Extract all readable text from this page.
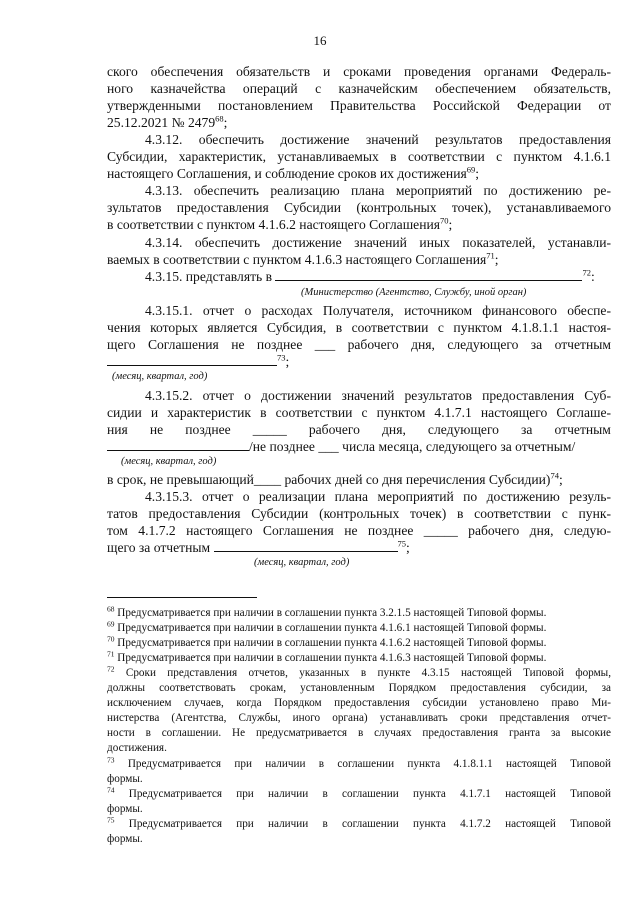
16
ского обеспечения обязательств и сроками проведения органами Федераль-
ного казначейства операций с казначейским обеспечением обязательств,
утвержденными постановлением Правительства Российской Федерации от
25.12.2021 № 2479$^{68}$;
4.3.12. обеспечить достижение значений результатов предоставления
Субсидии, характеристик, устанавливаемых в соответствии с пунктом 4.1.6.1
настоящего Соглашения, и соблюдение сроков их достижения$^{69}$;
4.3.13. обеспечить реализацию плана мероприятий по достижению ре-
зультатов предоставления Субсидии (контрольных точек), устанавливаемого
в соответствии с пунктом 4.1.6.2 настоящего Соглашения$^{70}$;
4.3.14. обеспечить достижение значений иных показателей, устанавли-
ваемых в соответствии с пунктом 4.1.6.3 настоящего Соглашения$^{71}$;
4.3.15. представлять в	$^{72}$:
(Министерство (Агентство, Службу, иной орган)
4.3.15.1. отчет о расходах Получателя, источником финансового обеспе-
чения которых является Субсидия, в соответствии с пунктом 4.1.8.1.1 настоя-
щего Соглашения не позднее ___ рабочего дня, следующего за отчетным
$^{73}$;
(месяц, квартал, год)
4.3.15.2. отчет о достижении значений результатов предоставления Суб-
сидии и характеристик в соответствии с пунктом 4.1.7.1 настоящего Соглаше-
ния не позднее _____ рабочего дня, следующего за отчетным
/не позднее ___ числа месяца, следующего за отчетным/
(месяц, квартал, год)
в срок, не превышающий____ рабочих дней со дня перечисления Субсидии)$^{74}$;
4.3.15.3. отчет о реализации плана мероприятий по достижению резуль-
татов предоставления Субсидии (контрольных точек) в соответствии с пунк-
том 4.1.7.2 настоящего Соглашения не позднее _____ рабочего дня, следую-
щего за отчетным	$^{75}$;
(месяц, квартал, год)
$^{68}$ Предусматривается при наличии в соглашении пункта 3.2.1.5 настоящей Типовой формы.
$^{69}$ Предусматривается при наличии в соглашении пункта 4.1.6.1 настоящей Типовой формы.
$^{70}$ Предусматривается при наличии в соглашении пункта 4.1.6.2 настоящей Типовой формы.
$^{71}$ Предусматривается при наличии в соглашении пункта 4.1.6.3 настоящей Типовой формы.
$^{72}$ Сроки представления отчетов, указанных в пункте 4.3.15 настоящей Типовой формы,
должны соответствовать срокам, установленным Порядком предоставления субсидии, за
исключением случаев, когда Порядком предоставления субсидии установлено право Ми-
нистерства (Агентства, Службы, иного органа) устанавливать сроки представления отчет-
ности в соглашении. Не предусматривается в случаях предоставления гранта за высокие
достижения.
$^{73}$ Предусматривается при наличии в соглашении пункта 4.1.8.1.1 настоящей Типовой
формы.
$^{74}$ Предусматривается при наличии в соглашении пункта 4.1.7.1 настоящей Типовой
формы.
$^{75}$ Предусматривается при наличии в соглашении пункта 4.1.7.2 настоящей Типовой
формы.
